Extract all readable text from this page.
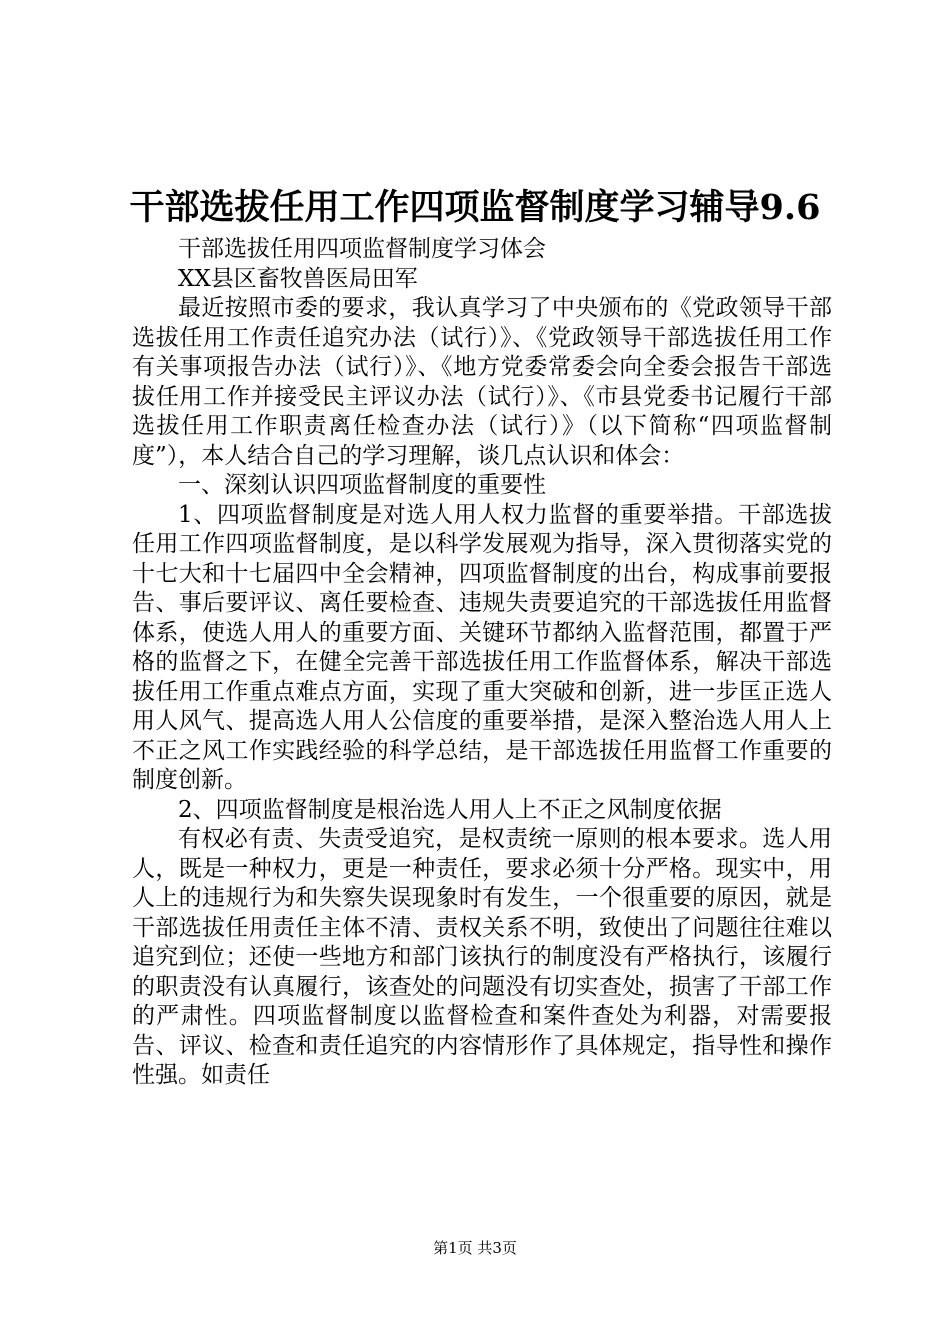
干部选拔任用工作四项监督制度学习辅导9.6

干部选拔任用四项监督制度学习体会

XX县区畜牧兽医局田军

最近按照市委的要求，我认真学习了中央颁布的《党政领导干部选拔任用工作责任追究办法（试行）》、《党政领导干部选拔任用工作有关事项报告办法（试行）》、《地方党委常委会向全委会报告干部选拔任用工作并接受民主评议办法（试行）》、《市县党委书记履行干部选拔任用工作职责离任检查办法（试行）》（以下简称“四项监督制度”），本人结合自己的学习理解，谈几点认识和体会：

一、深刻认识四项监督制度的重要性

1、四项监督制度是对选人用人权力监督的重要举措。干部选拔任用工作四项监督制度，是以科学发展观为指导，深入贯彻落实党的十七大和十七届四中全会精神，四项监督制度的出台，构成事前要报告、事后要评议、离任要检查、违规失责要追究的干部选拔任用监督体系，使选人用人的重要方面、关键环节都纳入监督范围，都置于严格的监督之下，在健全完善干部选拔任用工作监督体系，解决干部选拔任用工作重点难点方面，实现了重大突破和创新，进一步匡正选人用人风气、提高选人用人公信度的重要举措，是深入整治选人用人上不正之风工作实践经验的科学总结，是干部选拔任用监督工作重要的制度创新。

2、四项监督制度是根治选人用人上不正之风制度依据

有权必有责、失责受追究，是权责统一原则的根本要求。选人用人，既是一种权力，更是一种责任，要求必须十分严格。现实中，用人上的违规行为和失察失误现象时有发生，一个很重要的原因，就是干部选拔任用责任主体不清、责权关系不明，致使出了问题往往难以追究到位；还使一些地方和部门该执行的制度没有严格执行，该履行的职责没有认真履行，该查处的问题没有切实查处，损害了干部工作的严肃性。四项监督制度以监督检查和案件查处为利器，对需要报告、评议、检查和责任追究的内容情形作了具体规定，指导性和操作性强。如责任

第1页 共3页
